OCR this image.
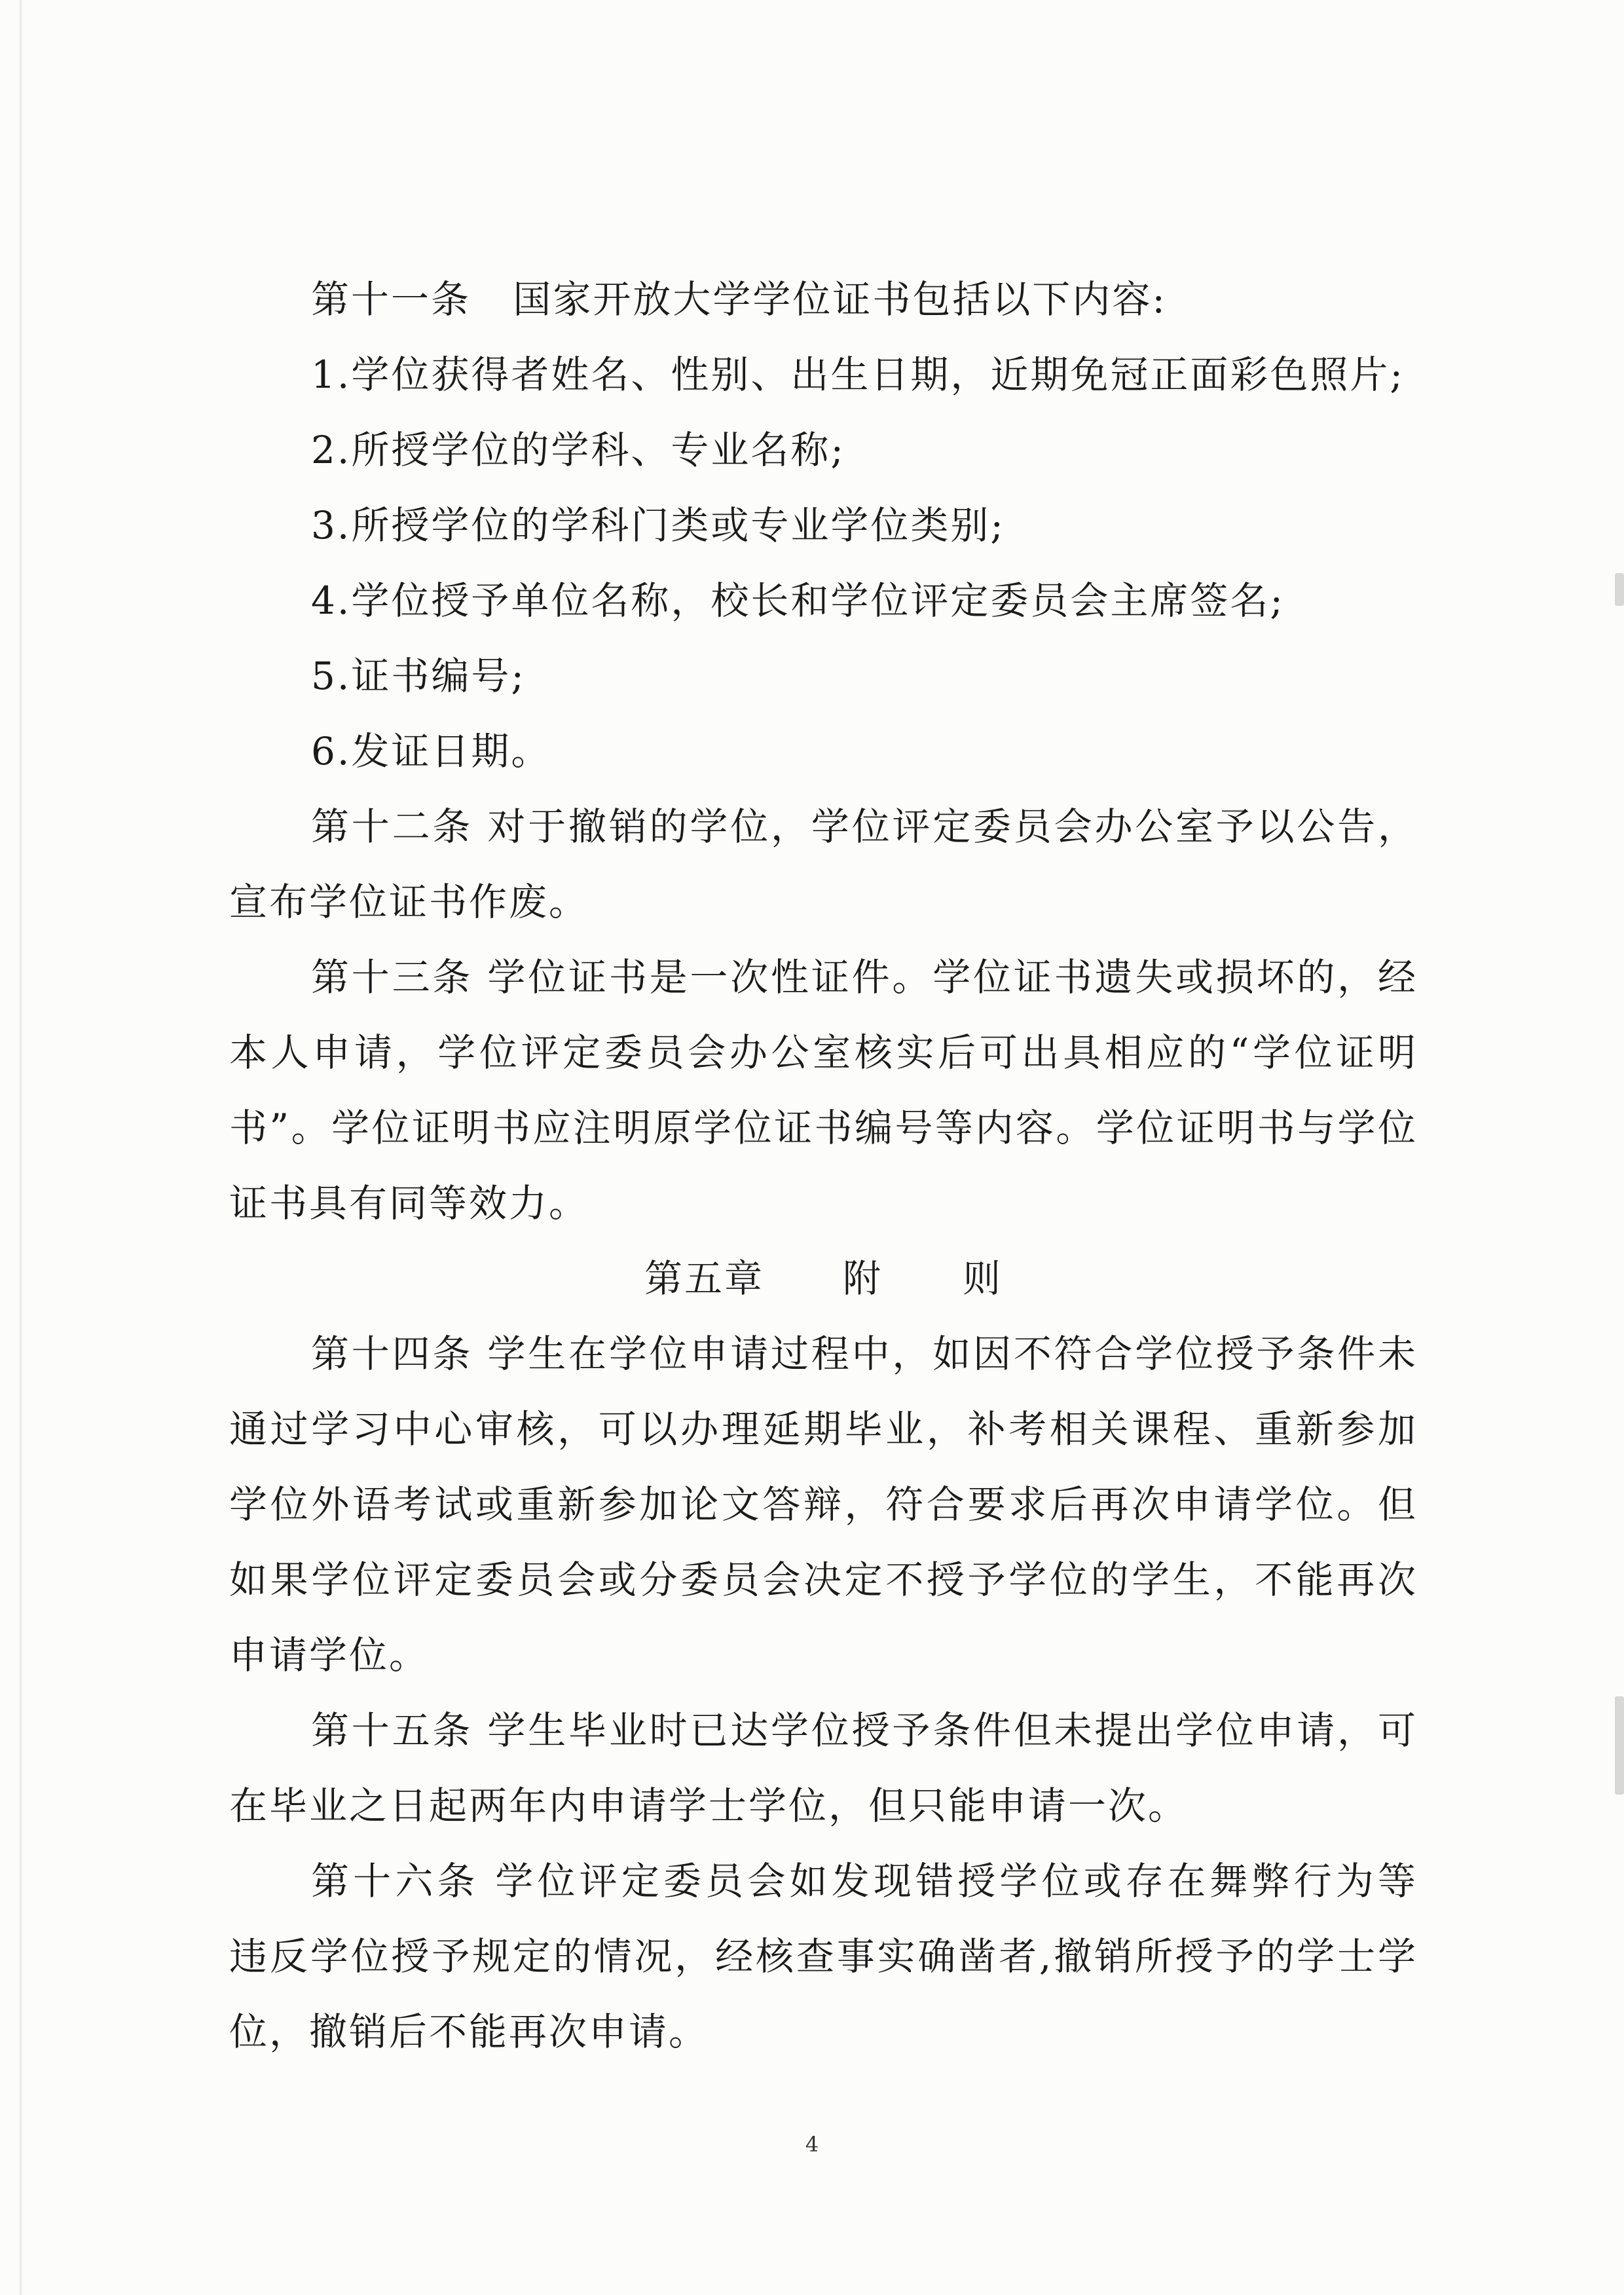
第十一条 国家开放大学学位证书包括以下内容:
1.学位获得者姓名、性别、出生日期，近期免冠正面彩色照片;
2.所授学位的学科、专业名称;
3.所授学位的学科门类或专业学位类别;
4.学位授予单位名称，校长和学位评定委员会主席签名;
5.证书编号;
6.发证日期。
第十二条 对于撤销的学位，学位评定委员会办公室予以公告，
宣布学位证书作废。
第十三条 学位证书是一次性证件。学位证书遗失或损坏的，经
本人申请，学位评定委员会办公室核实后可出具相应的“学位证明
书”。学位证明书应注明原学位证书编号等内容。学位证明书与学位
证书具有同等效力。
第五章 附　　则
第十四条 学生在学位申请过程中，如因不符合学位授予条件未
通过学习中心审核，可以办理延期毕业，补考相关课程、重新参加
学位外语考试或重新参加论文答辩，符合要求后再次申请学位。但
如果学位评定委员会或分委员会决定不授予学位的学生，不能再次
申请学位。
第十五条 学生毕业时已达学位授予条件但未提出学位申请，可
在毕业之日起两年内申请学士学位，但只能申请一次。
第十六条 学位评定委员会如发现错授学位或存在舞弊行为等
违反学位授予规定的情况，经核查事实确凿者,撤销所授予的学士学
位，撤销后不能再次申请。
4
